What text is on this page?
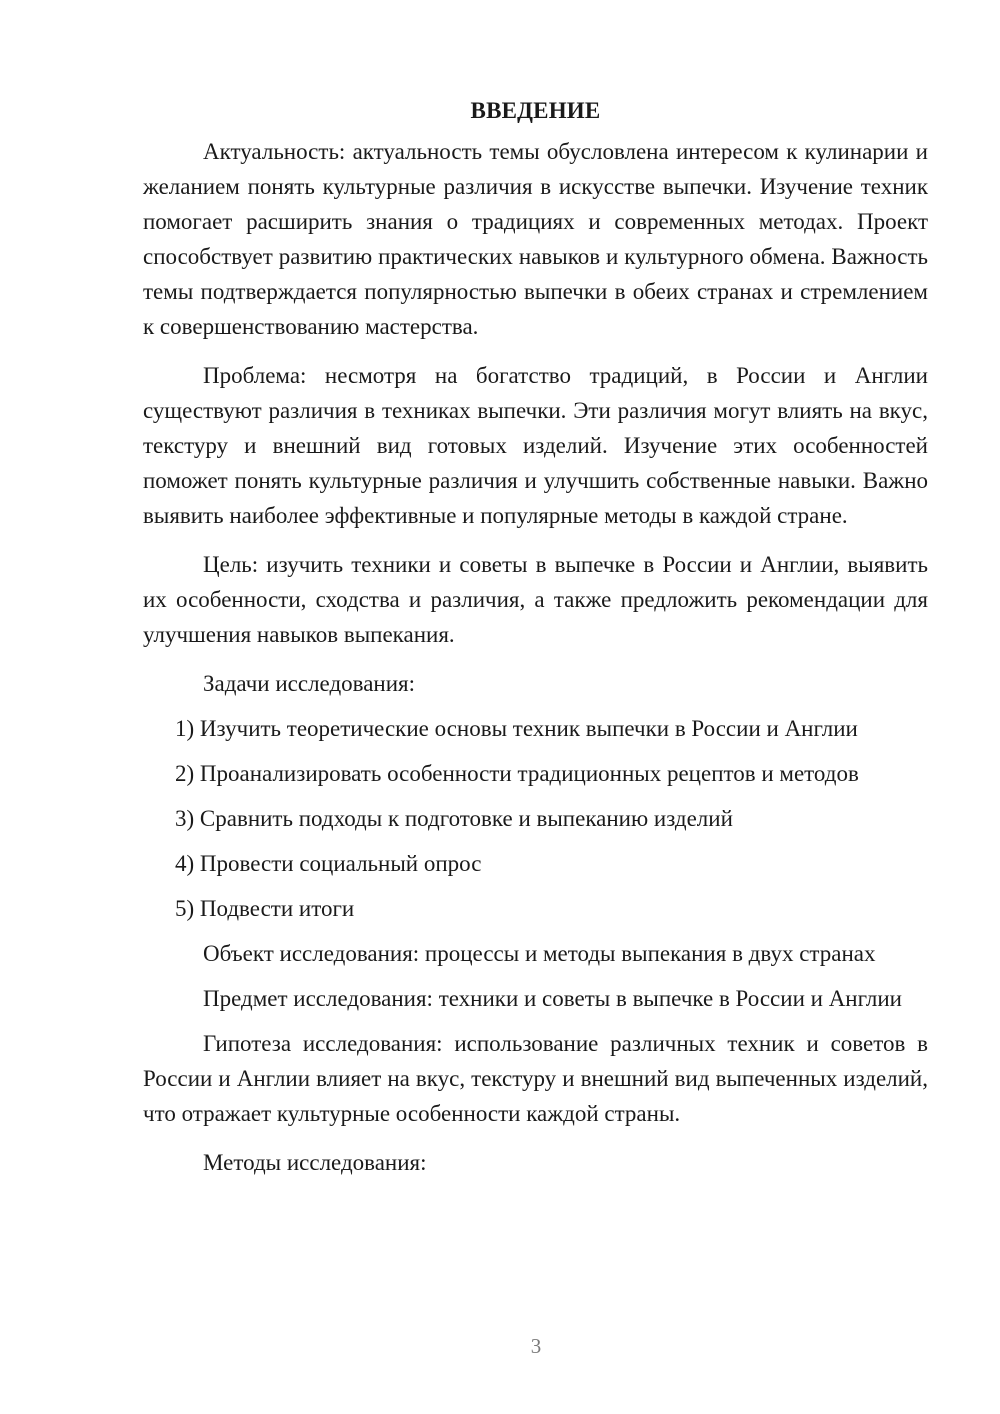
ВВЕДЕНИЕ

Актуальность: актуальность темы обусловлена интересом к кулинарии и желанием понять культурные различия в искусстве выпечки. Изучение техник помогает расширить знания о традициях и современных методах. Проект способствует развитию практических навыков и культурного обмена. Важность темы подтверждается популярностью выпечки в обеих странах и стремлением к совершенствованию мастерства.

Проблема: несмотря на богатство традиций, в России и Англии существуют различия в техниках выпечки. Эти различия могут влиять на вкус, текстуру и внешний вид готовых изделий. Изучение этих особенностей поможет понять культурные различия и улучшить собственные навыки. Важно выявить наиболее эффективные и популярные методы в каждой стране.

Цель: изучить техники и советы в выпечке в России и Англии, выявить их особенности, сходства и различия, а также предложить рекомендации для улучшения навыков выпекания.

Задачи исследования:

1) Изучить теоретические основы техник выпечки в России и Англии
2) Проанализировать особенности традиционных рецептов и методов
3) Сравнить подходы к подготовке и выпеканию изделий
4) Провести социальный опрос
5) Подвести итоги

Объект исследования: процессы и методы выпекания в двух странах

Предмет исследования: техники и советы в выпечке в России и Англии

Гипотеза исследования: использование различных техник и советов в России и Англии влияет на вкус, текстуру и внешний вид выпеченных изделий, что отражает культурные особенности каждой страны.

Методы исследования:

3
